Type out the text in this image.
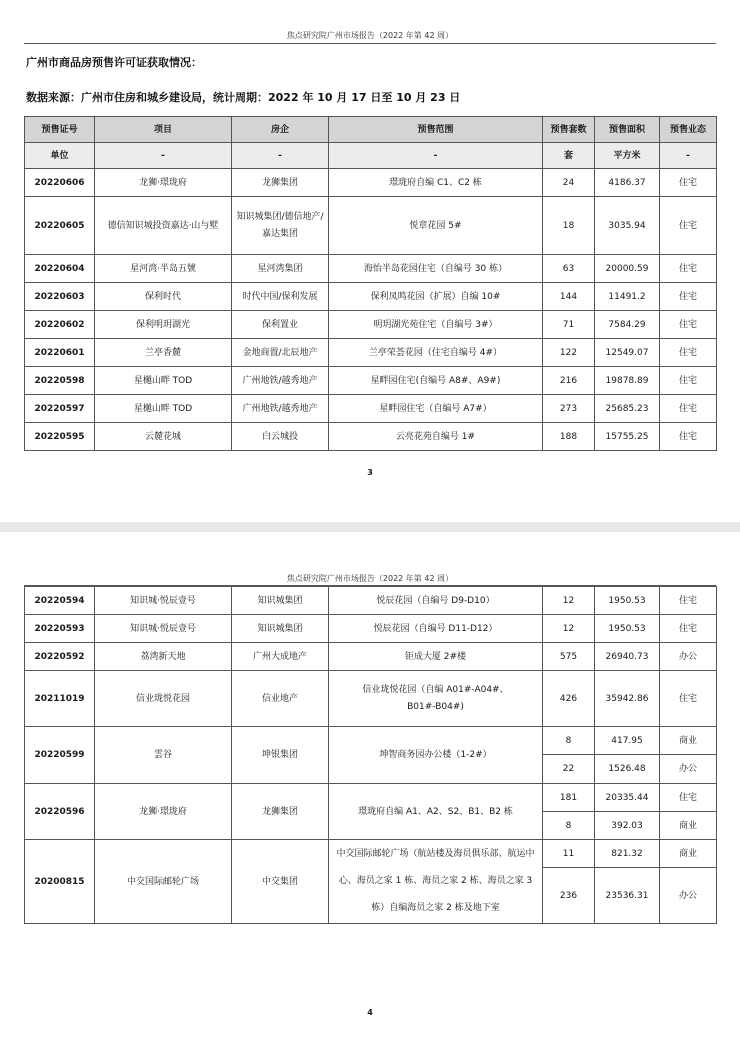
焦点研究院广州市场报告（2022 年第 42 周）
广州市商品房预售许可证获取情况：
数据来源：广州市住房和城乡建设局，统计周期：2022 年 10 月 17 日至 10 月 23 日
预售证号	项目	房企	预售范围	预售套数	预售面积	预售业态
单位	-	-	-	套	平方米	-
20220606	龙狮·璟珑府	龙狮集团	璟珑府自编 C1、C2 栋	24	4186.37	住宅
20220605	德信知识城投资嘉达·山与墅	知识城集团/德信地产/嘉达集团	悦章花园 5#	18	3035.94	住宅
20220604	星河湾·半岛五號	星河湾集团	海怡半岛花园住宅（自编号 30 栋）	63	20000.59	住宅
20220603	保利时代	时代中国/保利发展	保利凤鸣花园（扩展）自编 10#	144	11491.2	住宅
20220602	保利明玥湖光	保利置业	明玥湖光苑住宅（自编号 3#）	71	7584.29	住宅
20220601	兰亭香麓	金地商置/北辰地产	兰亭荣荟花园（住宅自编号 4#）	122	12549.07	住宅
20220598	星樾山畔 TOD	广州地铁/越秀地产	星畔园住宅(自编号 A8#、A9#)	216	19878.89	住宅
20220597	星樾山畔 TOD	广州地铁/越秀地产	星畔园住宅（自编号 A7#）	273	25685.23	住宅
20220595	云麓花城	白云城投	云亮花苑自编号 1#	188	15755.25	住宅
3
焦点研究院广州市场报告（2022 年第 42 周）
20220594	知识城·悦辰壹号	知识城集团	悦辰花园（自编号 D9-D10）	12	1950.53	住宅
20220593	知识城·悦辰壹号	知识城集团	悦辰花园（自编号 D11-D12）	12	1950.53	住宅
20220592	荔湾新天地	广州大成地产	钜成大厦 2#楼	575	26940.73	办公
20211019	信业珑悦花园	信业地产	信业珑悦花园（自编 A01#-A04#、B01#-B04#)	426	35942.86	住宅
20220599	雲谷	坤银集团	坤智商务园办公楼（1-2#）	8	417.95	商业
				22	1526.48	办公
20220596	龙狮·璟珑府	龙狮集团	璟珑府自编 A1、A2、S2、B1、B2 栋	181	20335.44	住宅
				8	392.03	商业
20200815	中交国际邮轮广场	中交集团	中交国际邮轮广场（航站楼及海员俱乐部、航运中心、海员之家 1 栋、海员之家 2 栋、海员之家 3 栋）自编海员之家 2 栋及地下室	11	821.32	商业
				236	23536.31	办公
4
